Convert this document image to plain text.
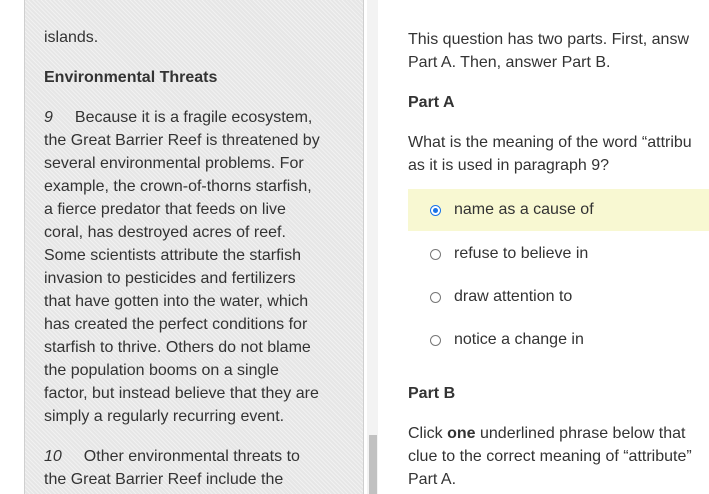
islands.
Environmental Threats
9 Because it is a fragile ecosystem,
the Great Barrier Reef is threatened by
several environmental problems. For
example, the crown-of-thorns starfish,
a fierce predator that feeds on live
coral, has destroyed acres of reef.
Some scientists attribute the starfish
invasion to pesticides and fertilizers
that have gotten into the water, which
has created the perfect conditions for
starfish to thrive. Others do not blame
the population booms on a single
factor, but instead believe that they are
simply a regularly recurring event.
10 Other environmental threats to
the Great Barrier Reef include the
This question has two parts. First, answ
Part A. Then, answer Part B.
Part A
What is the meaning of the word “attribu
as it is used in paragraph 9?
name as a cause of
refuse to believe in
draw attention to
notice a change in
Part B
Click one underlined phrase below that
clue to the correct meaning of “attribute”
Part A.
